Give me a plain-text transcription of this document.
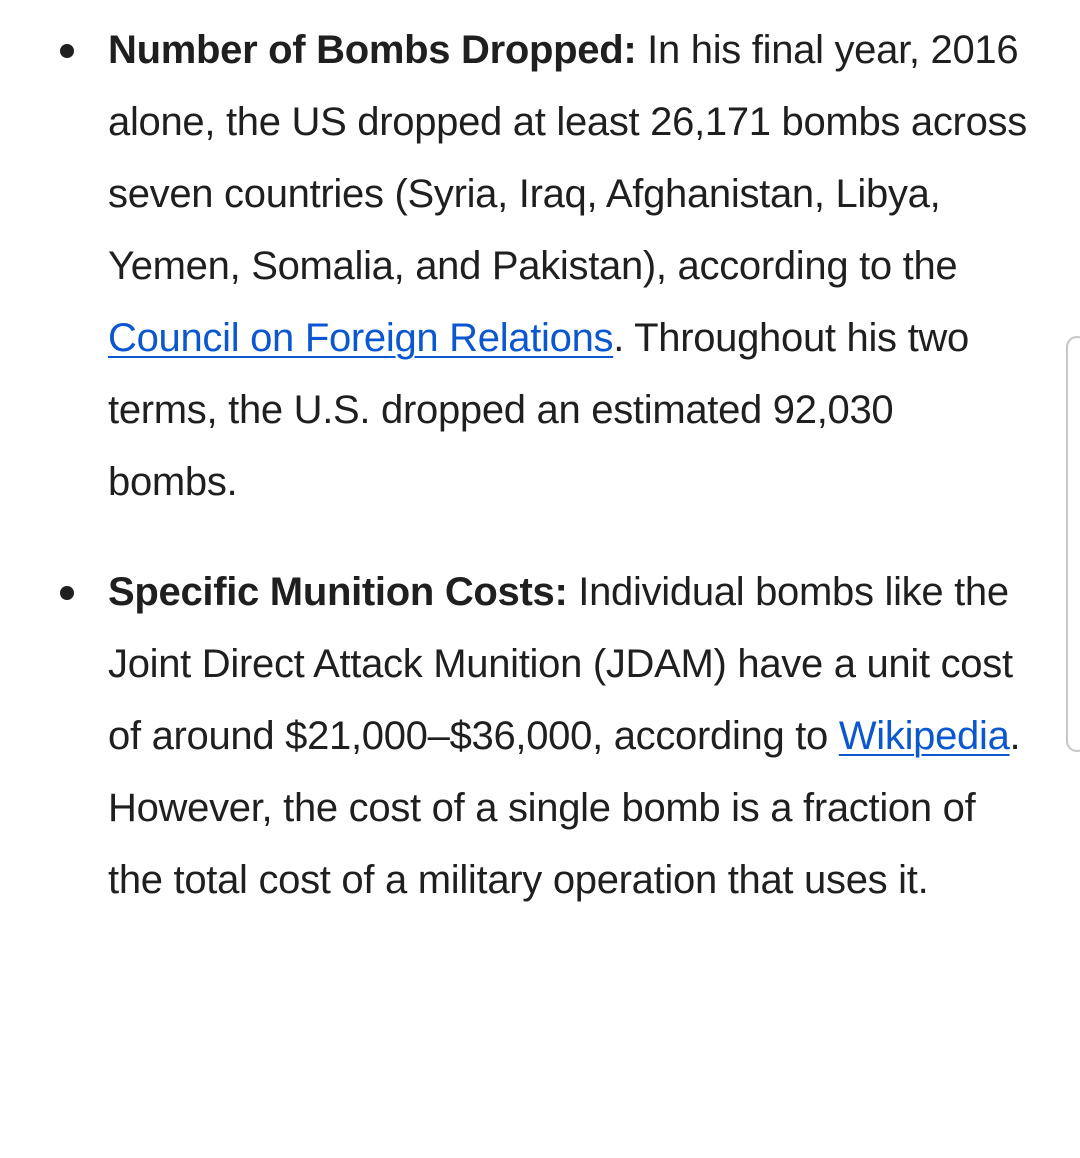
Number of Bombs Dropped: In his final year, 2016 alone, the US dropped at least 26,171 bombs across seven countries (Syria, Iraq, Afghanistan, Libya, Yemen, Somalia, and Pakistan), according to the Council on Foreign Relations. Throughout his two terms, the U.S. dropped an estimated 92,030 bombs.
Specific Munition Costs: Individual bombs like the Joint Direct Attack Munition (JDAM) have a unit cost of around $21,000–$36,000, according to Wikipedia. However, the cost of a single bomb is a fraction of the total cost of a military operation that uses it.
